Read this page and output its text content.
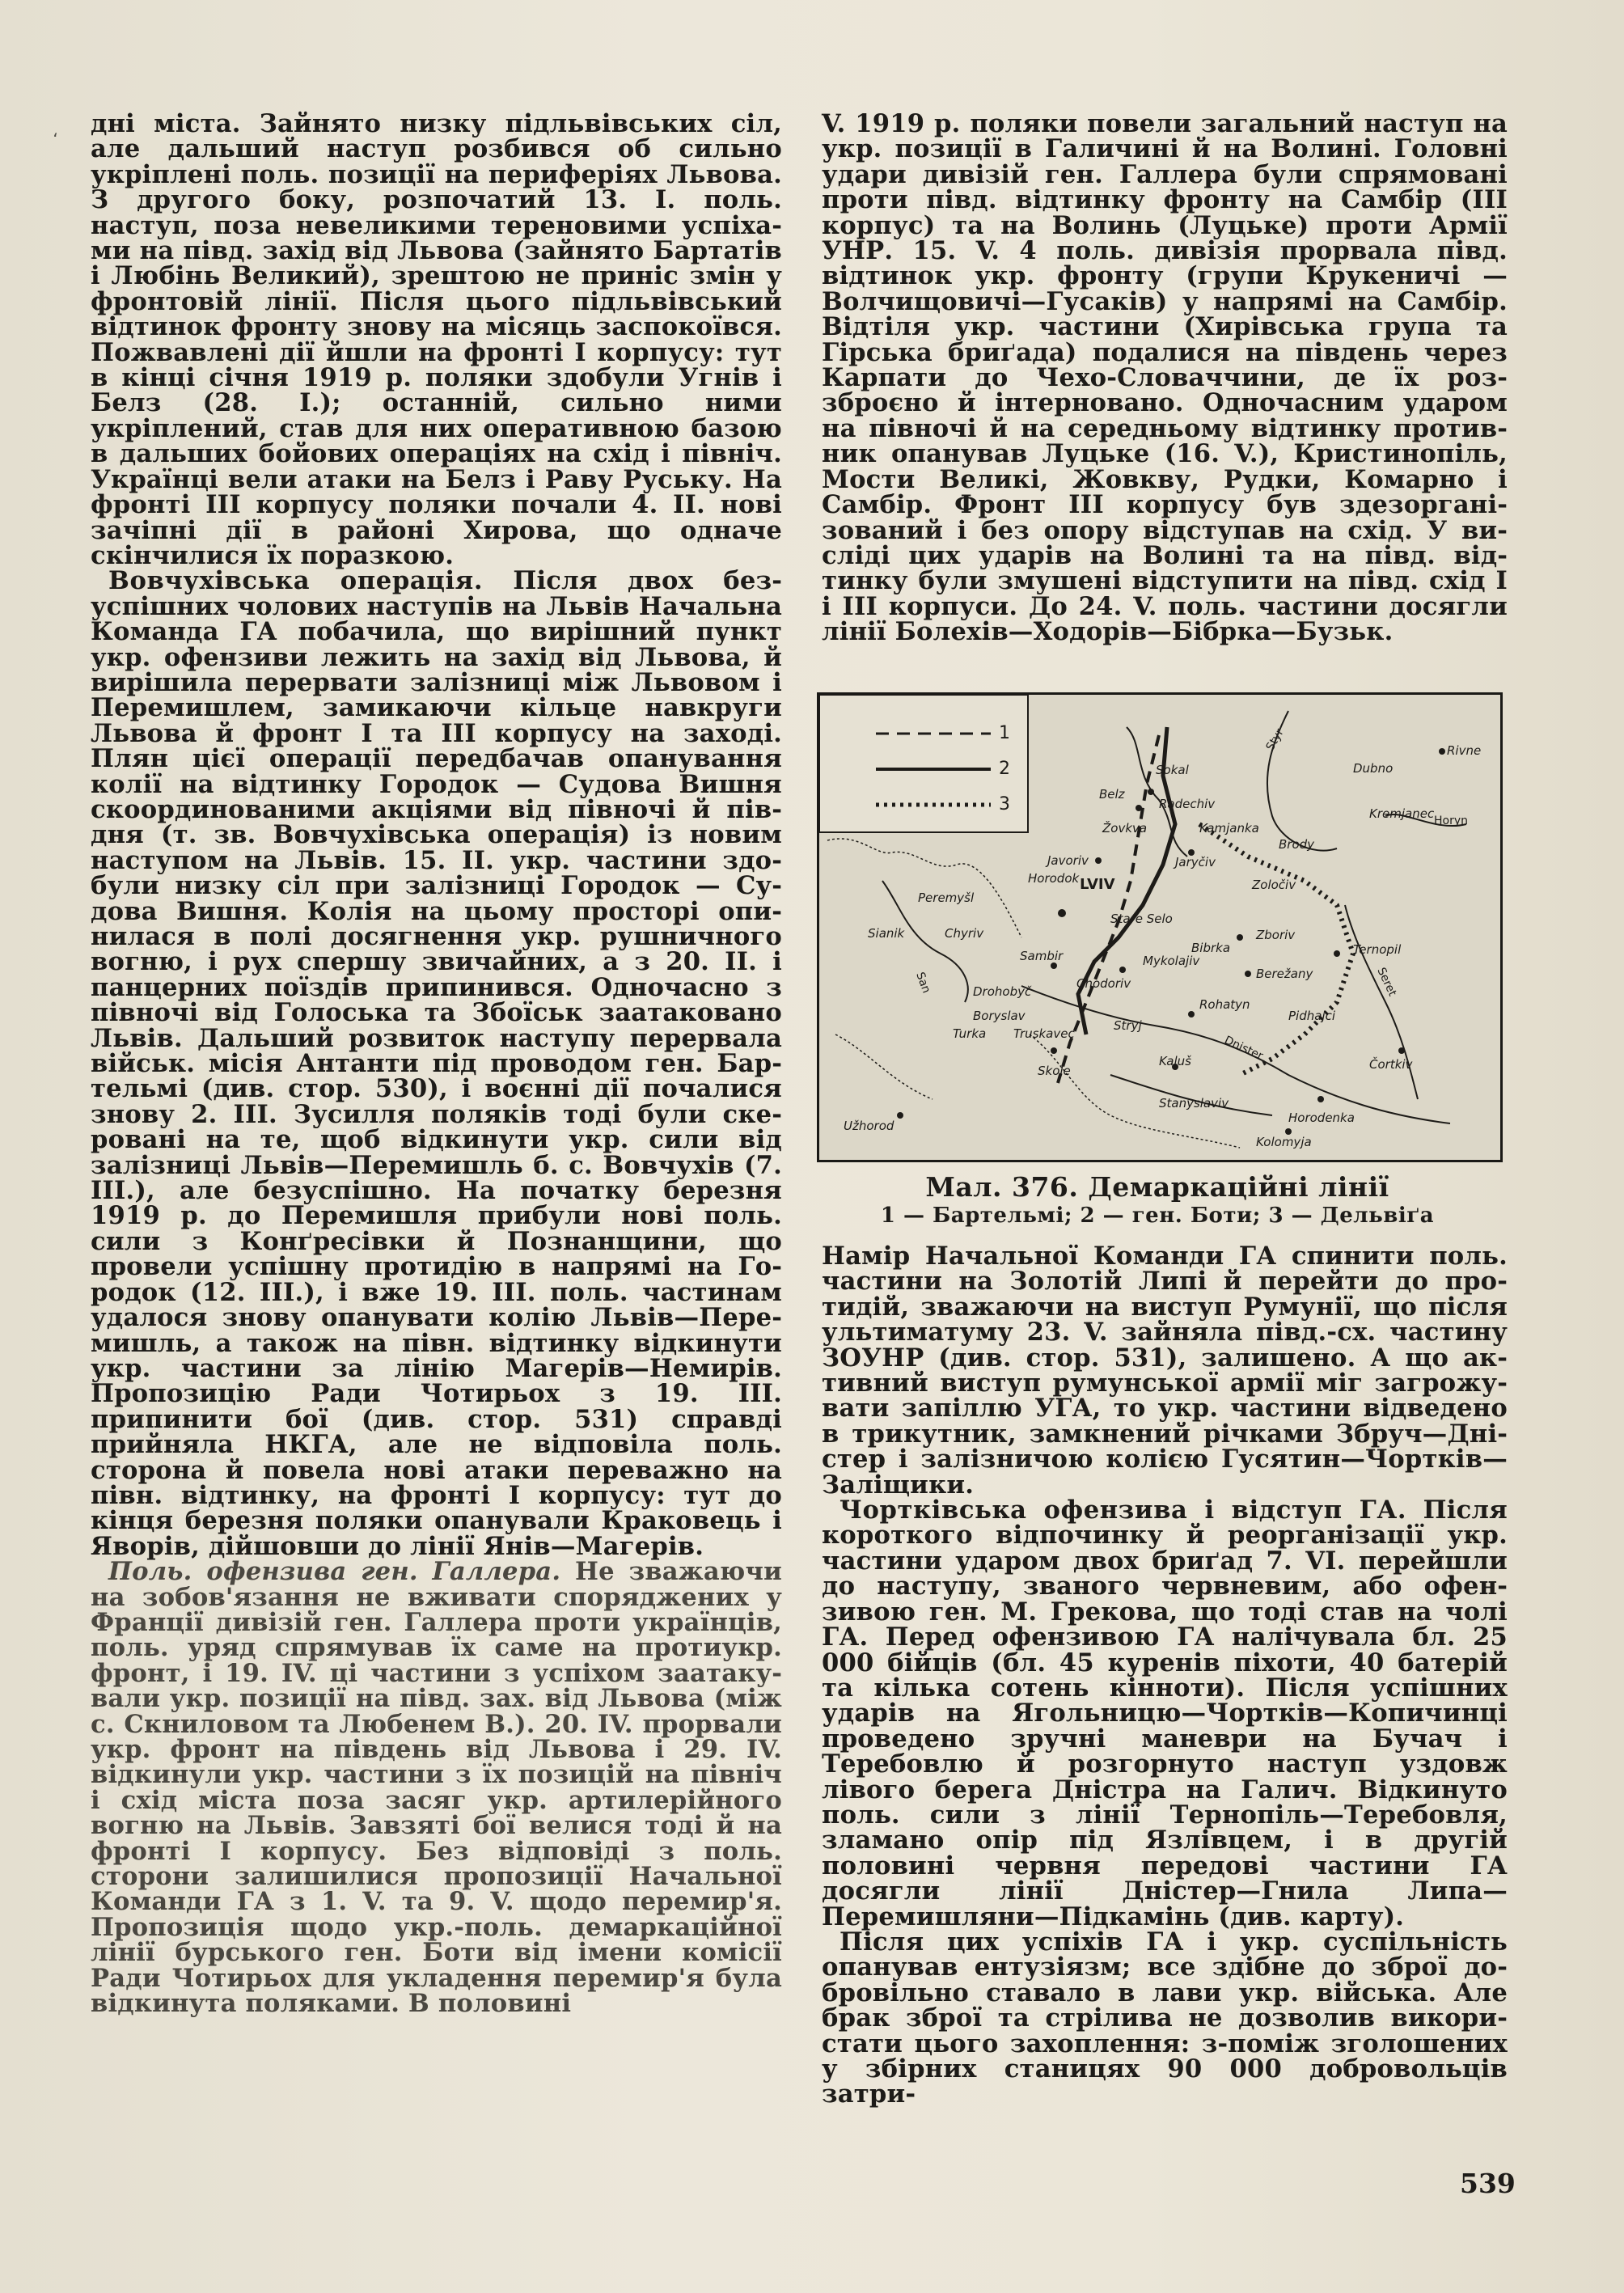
، дні міста. Зайнято низку підльвівських сіл, але дальший наступ розбився об сильно укріплені поль. позиції на периферіях Львова. З другого боку, розпочатий 13. I. поль. наступ, поза невеликими тереновими успіхами на півд. захід від Львова (зайнято Бартатів і Любінь Великий), зрештою не приніс змін у фронтовій лінії. Після цього підльвівський відтинок фронту знову на місяць заспокоївся. Пожвавлені дії йшли на фронті I корпусу: тут в кінці січня 1919 р. поляки здобули Угнів і Белз (28. I.); останній, сильно ними укріплений, став для них оперативною базою в дальших бойових операціях на схід і північ. Українці вели атаки на Белз і Раву Руську. На фронті III корпусу поляки почали 4. II. нові зачіпні дії в районі Хирова, що одначе скінчилися їх поразкою.

Вовчухівська операція. Після двох безуспішних чолових наступів на Львів Начальна Команда ГА побачила, що вирішний пункт укр. офензиви лежить на захід від Львова, й вирішила перервати залізниці між Львовом і Перемишлем, замикаючи кільце навкруги Львова й фронт I та III корпусу на заході. Плян цієї операції передбачав опанування колії на відтинку Городок — Судова Вишня скоординованими акціями від півночі й півдня (т. зв. Вовчухівська операція) із новим наступом на Львів. 15. II. укр. частини здобули низку сіл при залізниці Городок — Судова Вишня. Колія на цьому просторі опинилася в полі досягнення укр. рушничного вогню, і рух спершу звичайних, а з 20. II. і панцерних поїздів припинився. Одночасно з півночі від Голоська та Збоїськ заатаковано Львів. Дальший розвиток наступу перервала військ. місія Антанти під проводом ген. Бартельмі (див. стор. 530), і воєнні дії почалися знову 2. III. Зусилля поляків тоді були скеровані на те, щоб відкинути укр. сили від залізниці Львів—Перемишль б. с. Вовчухів (7. III.), але безуспішно. На початку березня 1919 р. до Перемишля прибули нові поль. сили з Конґресівки й Познанщини, що провели успішну протидію в напрямі на Городок (12. III.), і вже 19. III. поль. частинам удалося знову опанувати колію Львів—Перемишль, а також на півн. відтинку відкинути укр. частини за лінію Магерів—Немирів. Пропозицію Ради Чотирьох з 19. III. припинити бої (див. стор. 531) справді прийняла НКГА, але не відповіла поль. сторона й повела нові атаки переважно на півн. відтинку, на фронті I корпусу: тут до кінця березня поляки опанували Краковець і Яворів, дійшовши до лінії Янів—Магерів.

Поль. офензива ген. Галлера. Не зважаючи на зобов'язання не вживати споряджених у Франції дивізій ген. Галлера проти українців, поль. уряд спрямував їх саме на протиукр. фронт, і 19. IV. ці частини з успіхом заатакували укр. позиції на півд. зах. від Львова (між с. Скниловом та Любенем В.). 20. IV. прорвали укр. фронт на південь від Львова і 29. IV. відкинули укр. частини з їх позицій на північ і схід міста поза засяг укр. артилерійного вогню на Львів. Завзяті бої велися тоді й на фронті I корпусу. Без відповіді з поль. сторони залишилися пропозиції Начальної Команди ГА з 1. V. та 9. V. щодо перемир'я. Пропозиція щодо укр.-поль. демаркаційної лінії бурського ген. Боти від імени комісії Ради Чотирьох для укладення перемир'я була відкинута поляками. В половині

V. 1919 р. поляки повели загальний наступ на укр. позиції в Галичині й на Волині. Головні удари дивізій ген. Галлера були спрямовані проти півд. відтинку фронту на Самбір (III корпус) та на Волинь (Луцьке) проти Армії УНР. 15. V. 4 поль. дивізія прорвала півд. відтинок укр. фронту (групи Крукеничі —Волчищовичі—Гусаків) у напрямі на Самбір. Відтіля укр. частини (Хирівська група та Гірська бриґада) подалися на південь через Карпати до Чехо-Словаччини, де їх роззброєно й інтерновано. Одночасним ударом на півночі й на середньому відтинку противник опанував Луцьке (16. V.), Кристинопіль, Мости Великі, Жовкву, Рудки, Комарно і Самбір. Фронт III корпусу був здезорганiзований і без опору відступав на схід. У вислідi цих ударів на Волині та на півд. відтинку були змушені відступити на півд. схід I і III корпуси. До 24. V. поль. частини досягли лінії Болехів—Ходорів—Бібрка—Бузьк.

1
2
3
Rivne
Dubno
Sokal
Belz
Radechiv
Kremjanec
Žovkva	Kamjanka
Brody
Javoriv	Jaryčiv
Horodok LVIV	Zoločiv
Peremyšl
Stare Selo
Sianik	Chyriv	Zboriv
Ternopil
Sambir
Bibrka
Mykolajiv
Berežany
Drohobyč
Chodoriv
Rohatyn
Pidhajci
Boryslav
Turka Truskavec
Stryj
Kaluš	Čortkiv
Skole
Stanyslaviv
Horodenka
Užhorod
Kolomyja
Styr
Horyn
San
Dnister
Seret
Мал. 376. Демаркаційні лінії
1 — Бартельмі; 2 — ген. Боти; 3 — Дельвіґа

Намір Начальної Команди ГА спинити поль. частини на Золотій Липі й перейти до протидій, зважаючи на виступ Румунії, що після ультиматуму 23. V. зайняла півд.-сх. частину ЗОУНР (див. стор. 531), залишено. А що активний виступ румунської армії міг загрожувати запіллю УГА, то укр. частини відведено в трикутник, замкнений річками Збруч—Дністер і залізничою колією Гусятин—Чортків—Заліщики.

Чортківська офензива і відступ ГА. Після короткого відпочинку й реорганізації укр. частини ударом двох бриґад 7. VI. перейшли до наступу, званого червневим, або офензивою ген. М. Грекова, що тоді став на чолі ГА. Перед офензивою ГА налічувала бл. 25 000 бійців (бл. 45 куренів піхоти, 40 батерій та кілька сотень кінноти). Після успішних ударів на Ягольницю—Чортків—Копичинці проведено зручні маневри на Бучач і Теребовлю й розгорнуто наступ уздовж лівого берега Дністра на Галич. Відкинуто поль. сили з лінії Тернопіль—Теребовля, зламано опір під Язлівцем, і в другій половині червня передові частини ГА досягли лінії Дністер—Гнила Липа—Перемишляни—Підкамінь (див. карту).

Після цих успіхів ГА і укр. суспільність опанував ентузіязм; все здібне до зброї добровільно ставало в лави укр. війська. Але брак зброї та стрілива не дозволив використати цього захоплення: з-поміж зголошених у збірних станицях 90 000 добровольців затри-

539
